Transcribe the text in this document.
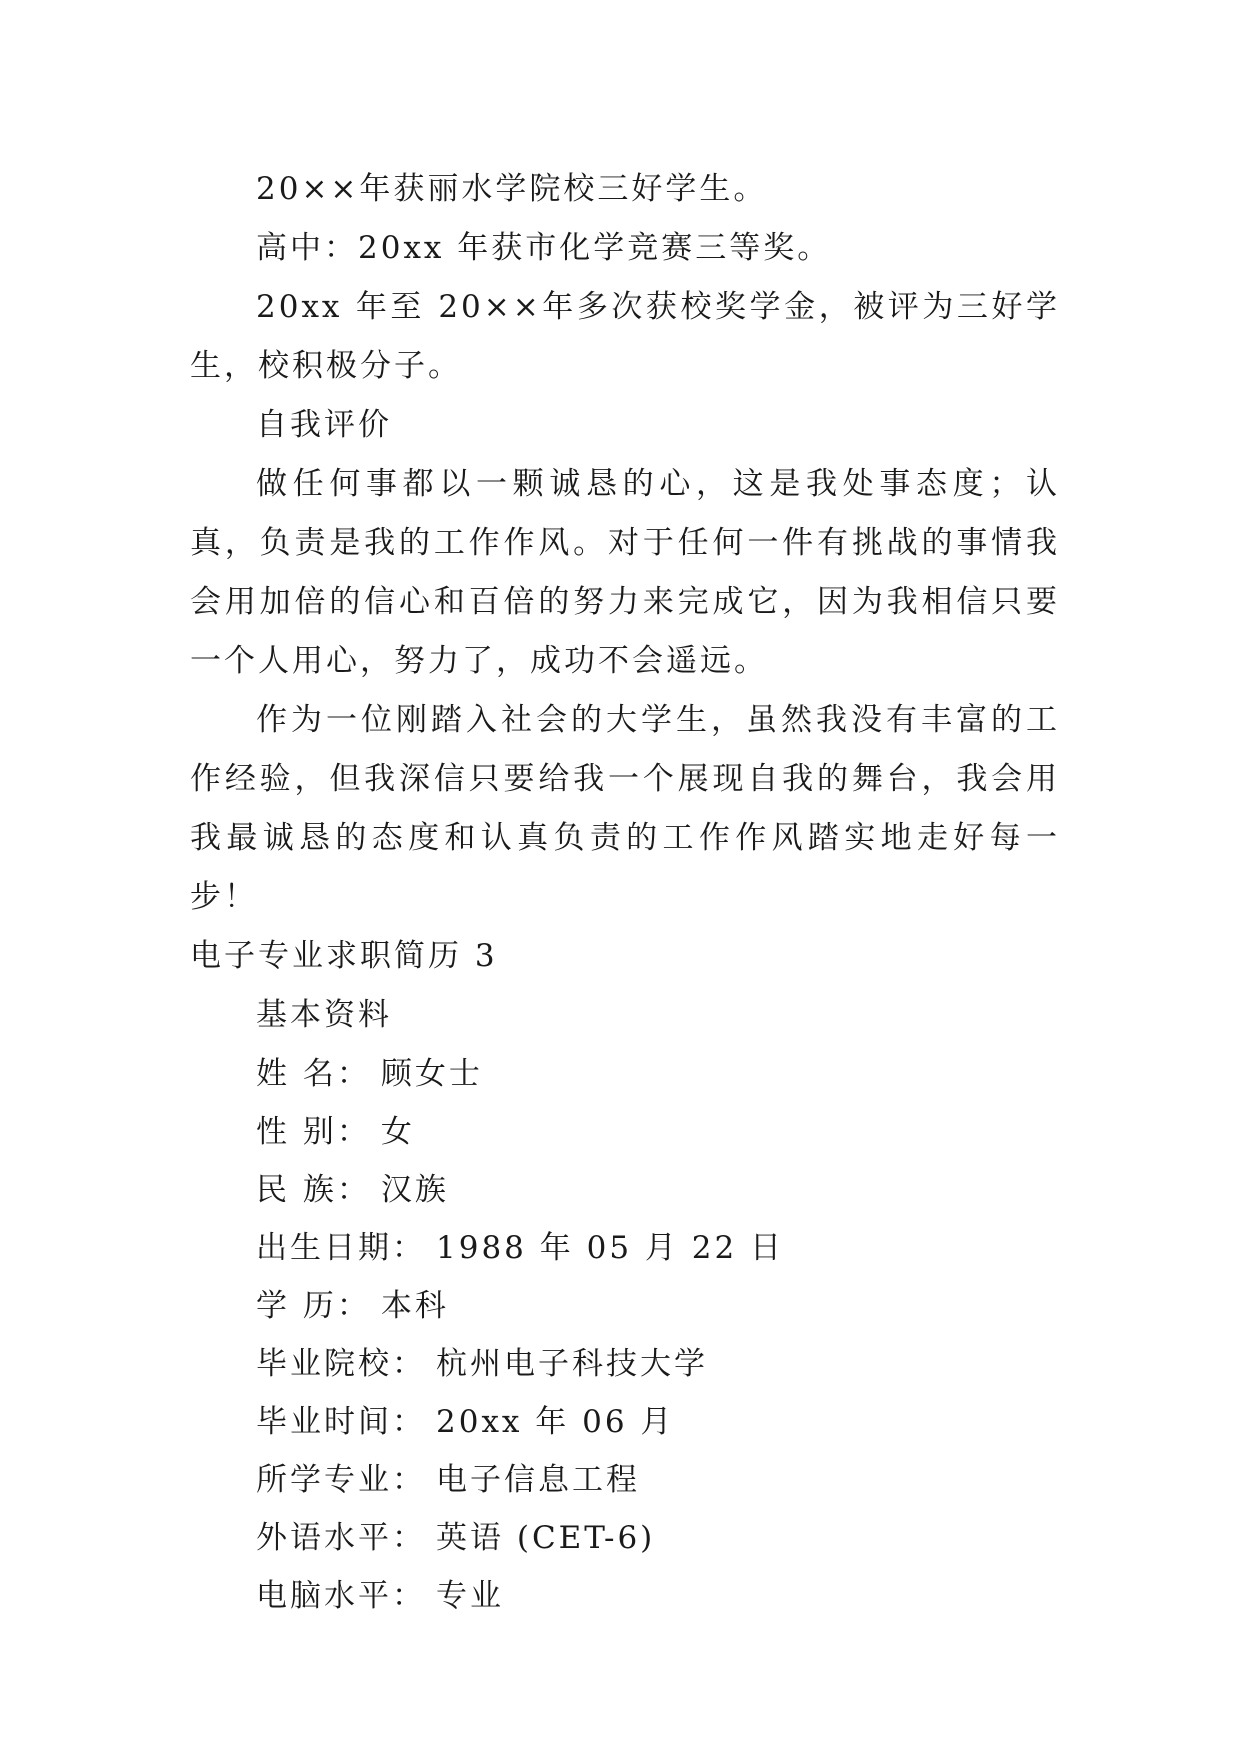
20××年获丽水学院校三好学生。
高中：20xx 年获市化学竞赛三等奖。

20xx 年至 20××年多次获校奖学金，被评为三好学生，校积极分子。

自我评价

做任何事都以一颗诚恳的心，这是我处事态度；认真，负责是我的工作作风。对于任何一件有挑战的事情我会用加倍的信心和百倍的努力来完成它，因为我相信只要一个人用心，努力了，成功不会遥远。

作为一位刚踏入社会的大学生，虽然我没有丰富的工作经验，但我深信只要给我一个展现自我的舞台，我会用我最诚恳的态度和认真负责的工作作风踏实地走好每一步！

电子专业求职简历 3
基本资料
姓 名： 顾女士
性 别： 女
民 族： 汉族
出生日期： 1988 年 05 月 22 日
学 历： 本科
毕业院校： 杭州电子科技大学
毕业时间： 20xx 年 06 月
所学专业： 电子信息工程
外语水平： 英语 (CET-6)
电脑水平： 专业
